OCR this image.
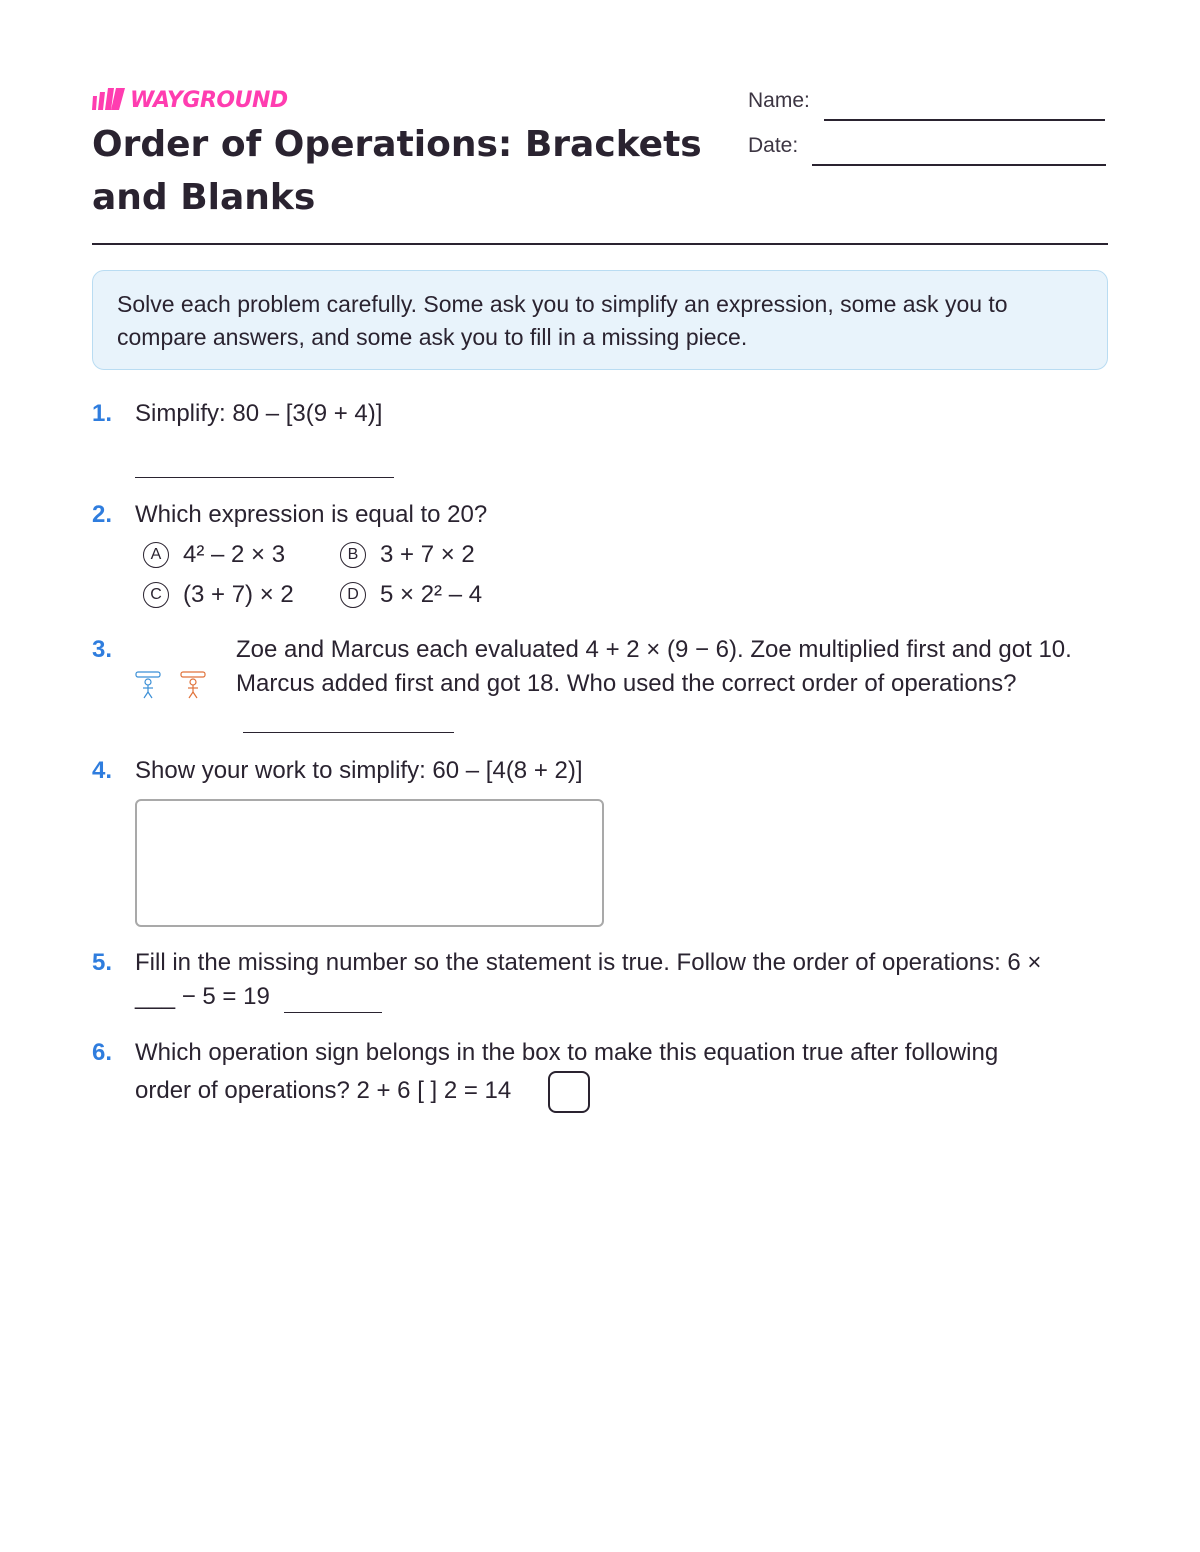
WAYGROUND
Order of Operations: Brackets and Blanks
Name:
Date:
Solve each problem carefully. Some ask you to simplify an expression, some ask you to compare answers, and some ask you to fill in a missing piece.
1. Simplify: 80 – [3(9 + 4)]
2. Which expression is equal to 20?
A 4² – 2 × 3	B 3 + 7 × 2
C (3 + 7) × 2	D 5 × 2² – 4
3.	Zoe and Marcus each evaluated 4 + 2 × (9 − 6). Zoe multiplied first and got 10. Marcus added first and got 18. Who used the correct order of operations?
4. Show your work to simplify: 60 – [4(8 + 2)]
5. Fill in the missing number so the statement is true. Follow the order of operations: 6 ×
___ − 5 = 19
6. Which operation sign belongs in the box to make this equation true after following
order of operations? 2 + 6 [ ] 2 = 14
